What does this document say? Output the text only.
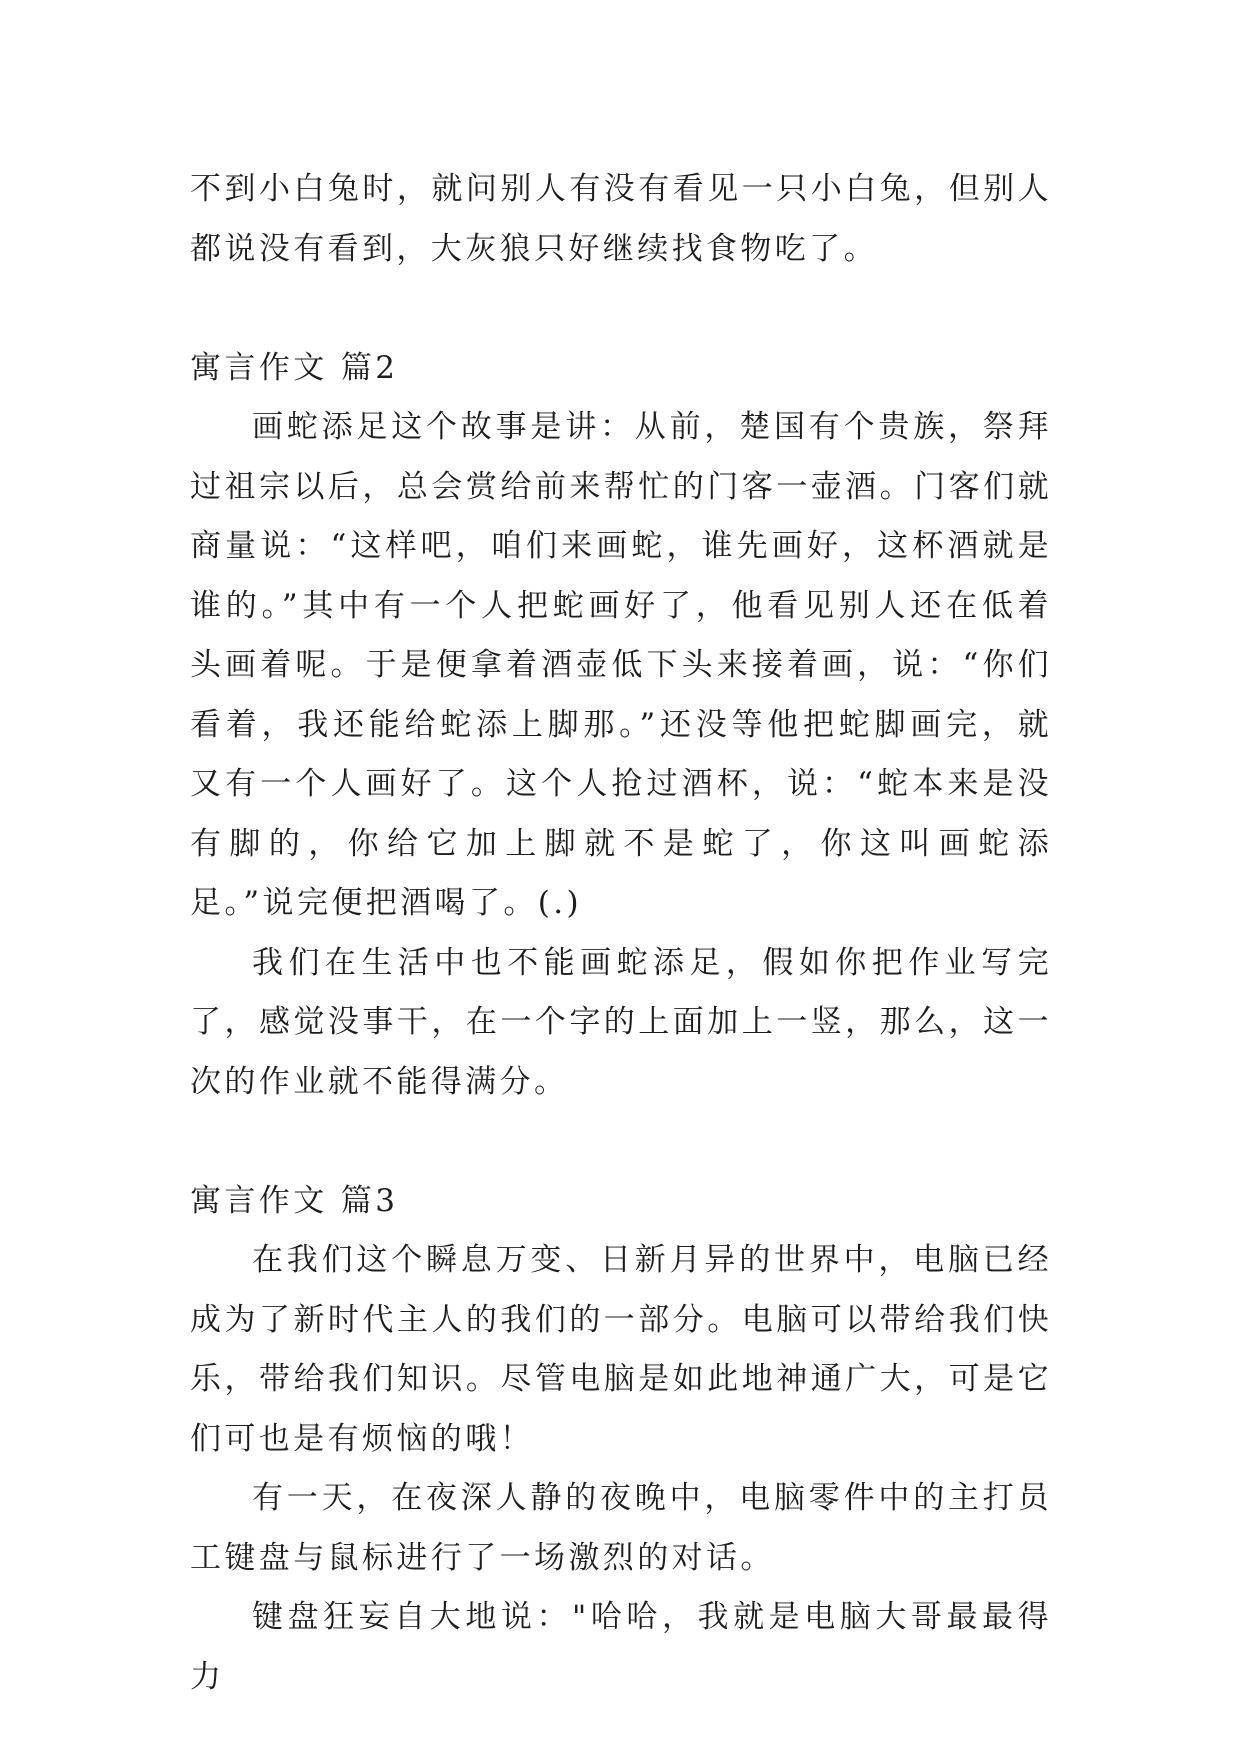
不到小白兔时，就问别人有没有看见一只小白兔，但别人都说没有看到，大灰狼只好继续找食物吃了。

寓言作文 篇2

画蛇添足这个故事是讲：从前，楚国有个贵族，祭拜过祖宗以后，总会赏给前来帮忙的门客一壶酒。门客们就商量说：“这样吧，咱们来画蛇，谁先画好，这杯酒就是谁的。”其中有一个人把蛇画好了，他看见别人还在低着头画着呢。于是便拿着酒壶低下头来接着画，说：“你们看着，我还能给蛇添上脚那。”还没等他把蛇脚画完，就又有一个人画好了。这个人抢过酒杯，说：“蛇本来是没有脚的，你给它加上脚就不是蛇了，你这叫画蛇添足。”说完便把酒喝了。(.)

我们在生活中也不能画蛇添足，假如你把作业写完了，感觉没事干，在一个字的上面加上一竖，那么，这一次的作业就不能得满分。

寓言作文 篇3

在我们这个瞬息万变、日新月异的世界中，电脑已经成为了新时代主人的我们的一部分。电脑可以带给我们快乐，带给我们知识。尽管电脑是如此地神通广大，可是它们可也是有烦恼的哦！

有一天，在夜深人静的夜晚中，电脑零件中的主打员工键盘与鼠标进行了一场激烈的对话。

键盘狂妄自大地说："哈哈，我就是电脑大哥最最得力
